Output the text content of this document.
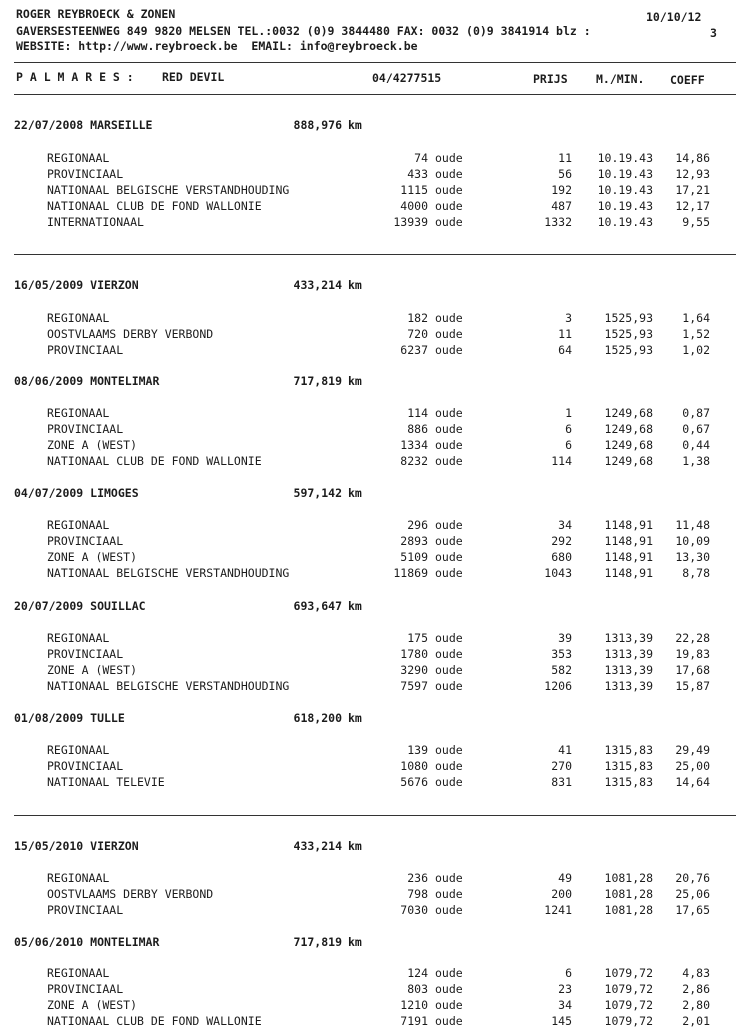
ROGER REYBROECK & ZONEN	10/10/12
GAVERSESTEENWEG 849 9820 MELSEN TEL.:0032 (0)9 3844480 FAX: 0032 (0)9 3841914 blz :	3
WEBSITE: http://www.reybroeck.be  EMAIL: info@reybroeck.be
P A L M A R E S : RED DEVIL	04/4277515	PRIJS M./MIN. COEFF
22/07/2008 MARSEILLE	888,976 km
REGIONAAL	74 oude	11	10.19.43	14,86
PROVINCIAAL	433 oude	56	10.19.43	12,93
NATIONAAL BELGISCHE VERSTANDHOUDING	1115 oude	192	10.19.43	17,21
NATIONAAL CLUB DE FOND WALLONIE	4000 oude	487	10.19.43	12,17
INTERNATIONAAL	13939 oude	1332	10.19.43	9,55
16/05/2009 VIERZON	433,214 km
REGIONAAL	182 oude	3	1525,93	1,64
OOSTVLAAMS DERBY VERBOND	720 oude	11	1525,93	1,52
PROVINCIAAL	6237 oude	64	1525,93	1,02
08/06/2009 MONTELIMAR	717,819 km
REGIONAAL	114 oude	1	1249,68	0,87
PROVINCIAAL	886 oude	6	1249,68	0,67
ZONE A (WEST)	1334 oude	6	1249,68	0,44
NATIONAAL CLUB DE FOND WALLONIE	8232 oude	114	1249,68	1,38
04/07/2009 LIMOGES	597,142 km
REGIONAAL	296 oude	34	1148,91	11,48
PROVINCIAAL	2893 oude	292	1148,91	10,09
ZONE A (WEST)	5109 oude	680	1148,91	13,30
NATIONAAL BELGISCHE VERSTANDHOUDING	11869 oude	1043	1148,91	8,78
20/07/2009 SOUILLAC	693,647 km
REGIONAAL	175 oude	39	1313,39	22,28
PROVINCIAAL	1780 oude	353	1313,39	19,83
ZONE A (WEST)	3290 oude	582	1313,39	17,68
NATIONAAL BELGISCHE VERSTANDHOUDING	7597 oude	1206	1313,39	15,87
01/08/2009 TULLE	618,200 km
REGIONAAL	139 oude	41	1315,83	29,49
PROVINCIAAL	1080 oude	270	1315,83	25,00
NATIONAAL TELEVIE	5676 oude	831	1315,83	14,64
15/05/2010 VIERZON	433,214 km
REGIONAAL	236 oude	49	1081,28	20,76
OOSTVLAAMS DERBY VERBOND	798 oude	200	1081,28	25,06
PROVINCIAAL	7030 oude	1241	1081,28	17,65
05/06/2010 MONTELIMAR	717,819 km
REGIONAAL	124 oude	6	1079,72	4,83
PROVINCIAAL	803 oude	23	1079,72	2,86
ZONE A (WEST)	1210 oude	34	1079,72	2,80
NATIONAAL CLUB DE FOND WALLONIE	7191 oude	145	1079,72	2,01
